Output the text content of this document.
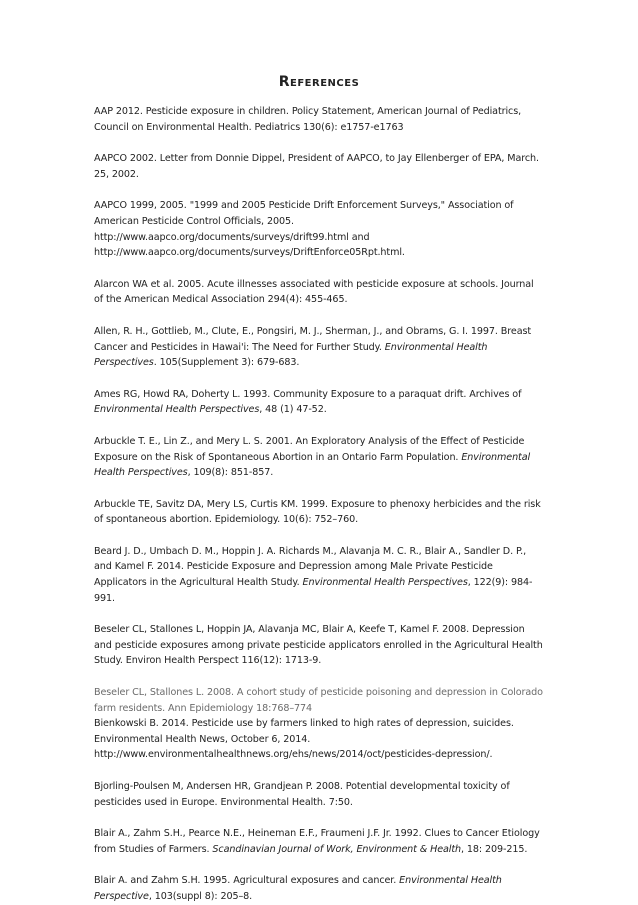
References

AAP 2012. Pesticide exposure in children. Policy Statement, American Journal of Pediatrics, Council on Environmental Health. Pediatrics 130(6): e1757-e1763

AAPCO 2002. Letter from Donnie Dippel, President of AAPCO, to Jay Ellenberger of EPA, March. 25, 2002.

AAPCO 1999, 2005. "1999 and 2005 Pesticide Drift Enforcement Surveys," Association of American Pesticide Control Officials, 2005.
http://www.aapco.org/documents/surveys/drift99.html and
http://www.aapco.org/documents/surveys/DriftEnforce05Rpt.html.

Alarcon WA et al. 2005. Acute illnesses associated with pesticide exposure at schools. Journal of the American Medical Association 294(4): 455-465.

Allen, R. H., Gottlieb, M., Clute, E., Pongsiri, M. J., Sherman, J., and Obrams, G. I. 1997. Breast Cancer and Pesticides in Hawai'i: The Need for Further Study. Environmental Health Perspectives. 105(Supplement 3): 679-683.

Ames RG, Howd RA, Doherty L. 1993. Community Exposure to a paraquat drift. Archives of Environmental Health Perspectives, 48 (1) 47-52.

Arbuckle T. E., Lin Z., and Mery L. S. 2001. An Exploratory Analysis of the Effect of Pesticide Exposure on the Risk of Spontaneous Abortion in an Ontario Farm Population. Environmental Health Perspectives, 109(8): 851-857.

Arbuckle TE, Savitz DA, Mery LS, Curtis KM. 1999. Exposure to phenoxy herbicides and the risk of spontaneous abortion. Epidemiology. 10(6): 752–760.

Beard J. D., Umbach D. M., Hoppin J. A. Richards M., Alavanja M. C. R., Blair A., Sandler D. P., and Kamel F. 2014. Pesticide Exposure and Depression among Male Private Pesticide Applicators in the Agricultural Health Study. Environmental Health Perspectives, 122(9): 984-991.

Beseler CL, Stallones L, Hoppin JA, Alavanja MC, Blair A, Keefe T, Kamel F. 2008. Depression and pesticide exposures among private pesticide applicators enrolled in the Agricultural Health Study. Environ Health Perspect 116(12): 1713-9.

Beseler CL, Stallones L. 2008. A cohort study of pesticide poisoning and depression in Colorado farm residents. Ann Epidemiology 18:768–774

Bienkowski B. 2014. Pesticide use by farmers linked to high rates of depression, suicides. Environmental Health News, October 6, 2014.
http://www.environmentalhealthnews.org/ehs/news/2014/oct/pesticides-depression/.

Bjorling-Poulsen M, Andersen HR, Grandjean P. 2008. Potential developmental toxicity of pesticides used in Europe. Environmental Health. 7:50.

Blair A., Zahm S.H., Pearce N.E., Heineman E.F., Fraumeni J.F. Jr. 1992. Clues to Cancer Etiology from Studies of Farmers. Scandinavian Journal of Work, Environment & Health, 18: 209-215.

Blair A. and Zahm S.H. 1995. Agricultural exposures and cancer. Environmental Health Perspective, 103(suppl 8): 205–8.
